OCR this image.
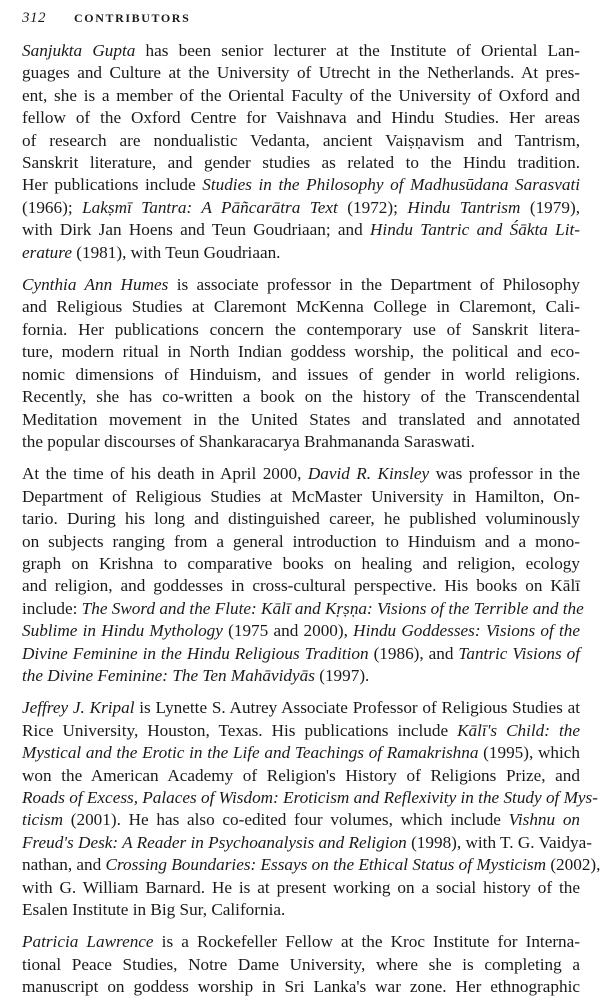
312	CONTRIBUTORS
Sanjukta Gupta has been senior lecturer at the Institute of Oriental Lan-
guages and Culture at the University of Utrecht in the Netherlands. At pres-
ent, she is a member of the Oriental Faculty of the University of Oxford and
fellow of the Oxford Centre for Vaishnava and Hindu Studies. Her areas
of research are nondualistic Vedanta, ancient Vaiṣṇavism and Tantrism,
Sanskrit literature, and gender studies as related to the Hindu tradition.
Her publications include Studies in the Philosophy of Madhusūdana Sarasvati
(1966); Lakṣmī Tantra: A Pāñcarātra Text (1972); Hindu Tantrism (1979),
with Dirk Jan Hoens and Teun Goudriaan; and Hindu Tantric and Śākta Lit-
erature (1981), with Teun Goudriaan.
Cynthia Ann Humes is associate professor in the Department of Philosophy
and Religious Studies at Claremont McKenna College in Claremont, Cali-
fornia. Her publications concern the contemporary use of Sanskrit litera-
ture, modern ritual in North Indian goddess worship, the political and eco-
nomic dimensions of Hinduism, and issues of gender in world religions.
Recently, she has co-written a book on the history of the Transcendental
Meditation movement in the United States and translated and annotated
the popular discourses of Shankaracarya Brahmananda Saraswati.
At the time of his death in April 2000, David R. Kinsley was professor in the
Department of Religious Studies at McMaster University in Hamilton, On-
tario. During his long and distinguished career, he published voluminously
on subjects ranging from a general introduction to Hinduism and a mono-
graph on Krishna to comparative books on healing and religion, ecology
and religion, and goddesses in cross-cultural perspective. His books on Kālī
include: The Sword and the Flute: Kālī and Kṛṣṇa: Visions of the Terrible and the
Sublime in Hindu Mythology (1975 and 2000), Hindu Goddesses: Visions of the
Divine Feminine in the Hindu Religious Tradition (1986), and Tantric Visions of
the Divine Feminine: The Ten Mahāvidyās (1997).
Jeffrey J. Kripal is Lynette S. Autrey Associate Professor of Religious Studies at
Rice University, Houston, Texas. His publications include Kālī's Child: the
Mystical and the Erotic in the Life and Teachings of Ramakrishna (1995), which
won the American Academy of Religion's History of Religions Prize, and
Roads of Excess, Palaces of Wisdom: Eroticism and Reflexivity in the Study of Mys-
ticism (2001). He has also co-edited four volumes, which include Vishnu on
Freud's Desk: A Reader in Psychoanalysis and Religion (1998), with T. G. Vaidya-
nathan, and Crossing Boundaries: Essays on the Ethical Status of Mysticism (2002),
with G. William Barnard. He is at present working on a social history of the
Esalen Institute in Big Sur, California.
Patricia Lawrence is a Rockefeller Fellow at the Kroc Institute for Interna-
tional Peace Studies, Notre Dame University, where she is completing a
manuscript on goddess worship in Sri Lanka's war zone. Her ethnographic
